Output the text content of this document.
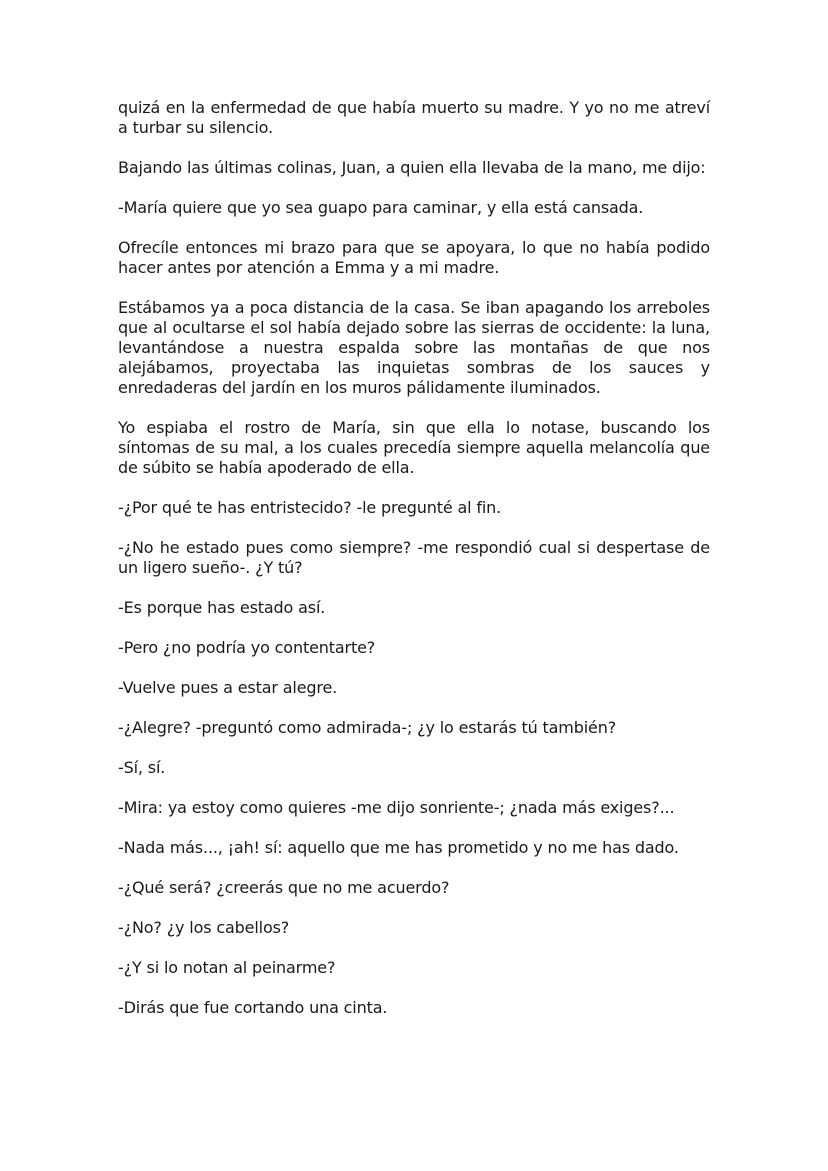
quizá en la enfermedad de que había muerto su madre. Y yo no me atreví a turbar su silencio.

Bajando las últimas colinas, Juan, a quien ella llevaba de la mano, me dijo:

-María quiere que yo sea guapo para caminar, y ella está cansada.

Ofrecíle entonces mi brazo para que se apoyara, lo que no había podido hacer antes por atención a Emma y a mi madre.

Estábamos ya a poca distancia de la casa. Se iban apagando los arreboles que al ocultarse el sol había dejado sobre las sierras de occidente: la luna, levantándose a nuestra espalda sobre las montañas de que nos alejábamos, proyectaba las inquietas sombras de los sauces y enredaderas del jardín en los muros pálidamente iluminados.

Yo espiaba el rostro de María, sin que ella lo notase, buscando los síntomas de su mal, a los cuales precedía siempre aquella melancolía que de súbito se había apoderado de ella.

-¿Por qué te has entristecido? -le pregunté al fin.

-¿No he estado pues como siempre? -me respondió cual si despertase de un ligero sueño-. ¿Y tú?

-Es porque has estado así.

-Pero ¿no podría yo contentarte?

-Vuelve pues a estar alegre.

-¿Alegre? -preguntó como admirada-; ¿y lo estarás tú también?

-Sí, sí.

-Mira: ya estoy como quieres -me dijo sonriente-; ¿nada más exiges?...

-Nada más..., ¡ah! sí: aquello que me has prometido y no me has dado.

-¿Qué será? ¿creerás que no me acuerdo?

-¿No? ¿y los cabellos?

-¿Y si lo notan al peinarme?

-Dirás que fue cortando una cinta.
